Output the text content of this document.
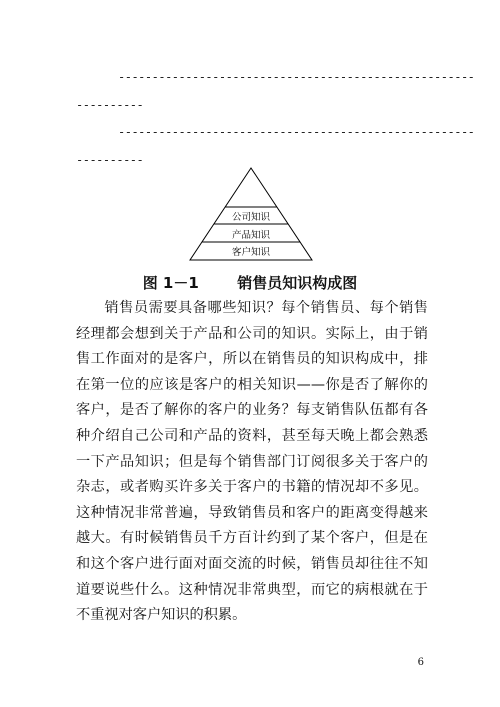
-----------------------------------------------------
----------
-----------------------------------------------------
----------
公司知识
产品知识
客户知识
图 1－1	销售员知识构成图

销售员需要具备哪些知识？每个销售员、每个销售经理都会想到关于产品和公司的知识。实际上，由于销售工作面对的是客户，所以在销售员的知识构成中，排在第一位的应该是客户的相关知识——你是否了解你的客户，是否了解你的客户的业务？每支销售队伍都有各种介绍自己公司和产品的资料，甚至每天晚上都会熟悉一下产品知识；但是每个销售部门订阅很多关于客户的杂志，或者购买许多关于客户的书籍的情况却不多见。这种情况非常普遍，导致销售员和客户的距离变得越来越大。有时候销售员千方百计约到了某个客户，但是在和这个客户进行面对面交流的时候，销售员却往往不知道要说些什么。这种情况非常典型，而它的病根就在于不重视对客户知识的积累。

6
